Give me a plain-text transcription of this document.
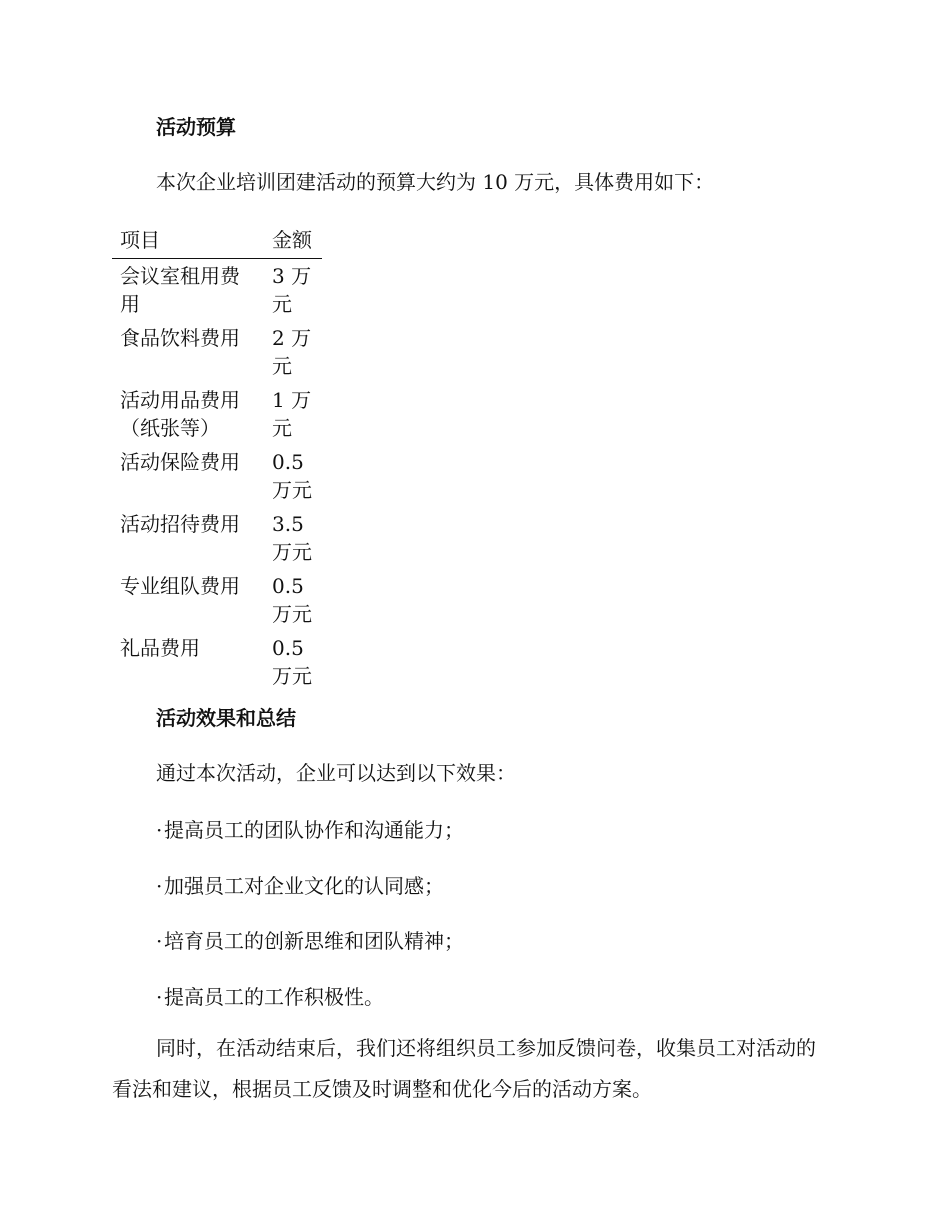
活动预算

本次企业培训团建活动的预算大约为 10 万元，具体费用如下：

项目	金额
会议室租用费用	3 万元
食品饮料费用	2 万元
活动用品费用（纸张等）	1 万元
活动保险费用	0.5 万元
活动招待费用	3.5 万元
专业组队费用	0.5 万元
礼品费用	0.5 万元
活动效果和总结

通过本次活动，企业可以达到以下效果：

·提高员工的团队协作和沟通能力；
·加强员工对企业文化的认同感；
·培育员工的创新思维和团队精神；
·提高员工的工作积极性。

同时，在活动结束后，我们还将组织员工参加反馈问卷，收集员工对活动的看法和建议，根据员工反馈及时调整和优化今后的活动方案。
